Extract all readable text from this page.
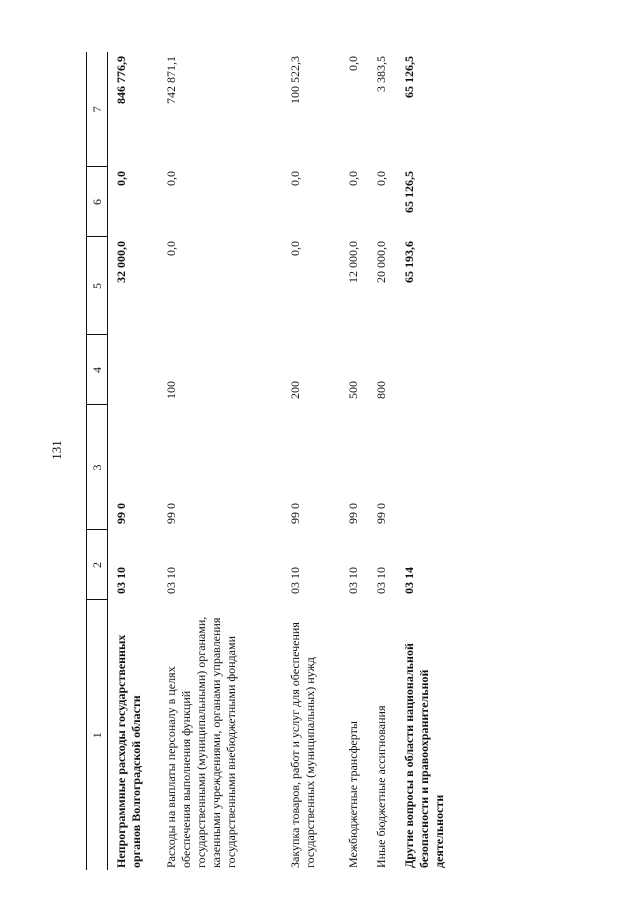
131
1	2	3	4	5	6	7
Непрограммные расходы государственных органов Волгоградской области	03 10	99 0		32 000,0	0,0	846 776,9
Расходы на выплаты персоналу в целях обеспечения выполнения функций государственными (муниципальными) органами, казенными учреждениями, органами управления государственными внебюджетными фондами	03 10	99 0	100	0,0	0,0	742 871,1
Закупка товаров, работ и услуг для обеспечения государственных (муниципальных) нужд	03 10	99 0	200	0,0	0,0	100 522,3
Межбюджетные трансферты	03 10	99 0	500	12 000,0	0,0	0,0
Иные бюджетные ассигнования	03 10	99 0	800	20 000,0	0,0	3 383,5
Другие вопросы в области национальной безопасности и правоохранительной деятельности	03 14			65 193,6	65 126,5	65 126,5
